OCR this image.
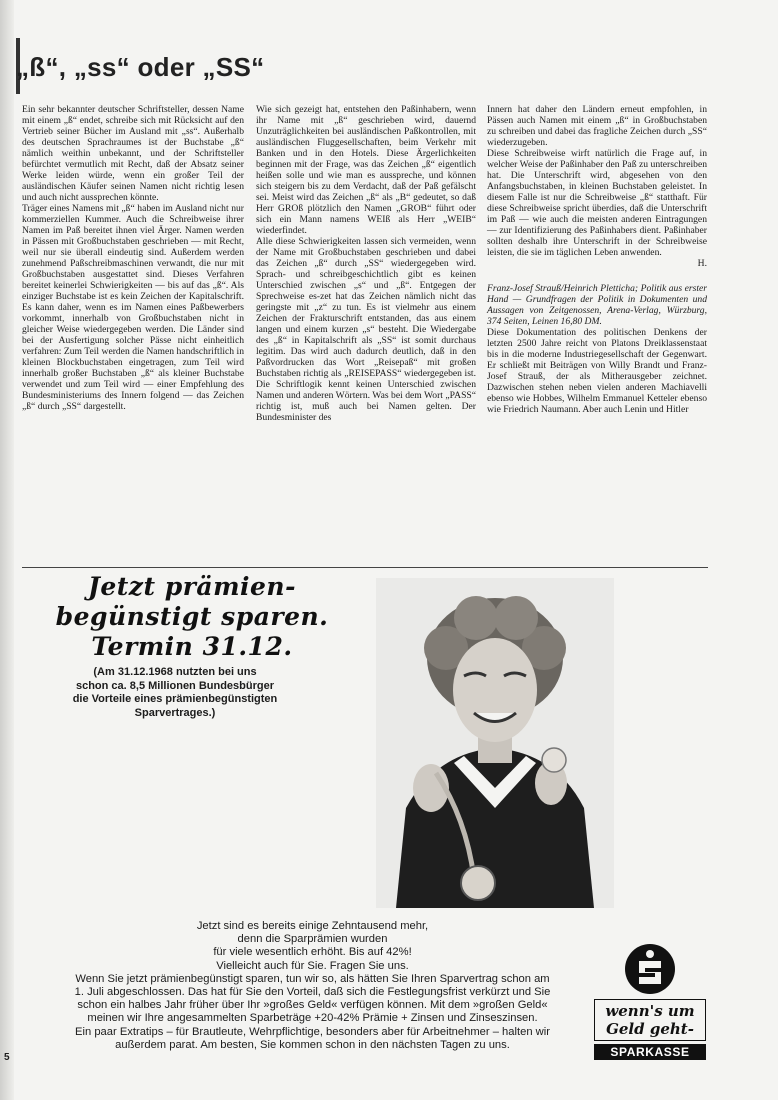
„ß“, „ss“ oder „SS“

Ein sehr bekannter deutscher Schriftsteller, dessen Name mit einem „ß“ endet, schreibe sich mit Rücksicht auf den Vertrieb seiner Bücher im Ausland mit „ss“. Außerhalb des deutschen Sprachraumes ist der Buchstabe „ß“ nämlich weithin unbekannt, und der Schriftsteller befürchtet vermutlich mit Recht, daß der Absatz seiner Werke leiden würde, wenn ein großer Teil der ausländischen Käufer seinen Namen nicht richtig lesen und auch nicht aussprechen könnte.

Träger eines Namens mit „ß“ haben im Ausland nicht nur kommerziellen Kummer. Auch die Schreibweise ihrer Namen im Paß bereitet ihnen viel Ärger. Namen werden in Pässen mit Großbuchstaben geschrieben — mit Recht, weil nur sie überall eindeutig sind. Außerdem werden zunehmend Paßschreibmaschinen verwandt, die nur mit Großbuchstaben ausgestattet sind. Dieses Verfahren bereitet keinerlei Schwierigkeiten — bis auf das „ß“. Als einziger Buchstabe ist es kein Zeichen der Kapitalschrift. Es kann daher, wenn es im Namen eines Paßbewerbers vorkommt, innerhalb von Großbuchstaben nicht in gleicher Weise wiedergegeben werden. Die Länder sind bei der Ausfertigung solcher Pässe nicht einheitlich verfahren: Zum Teil werden die Namen handschriftlich in kleinen Blockbuchstaben eingetragen, zum Teil wird innerhalb großer Buchstaben „ß“ als kleiner Buchstabe verwendet und zum Teil wird — einer Empfehlung des Bundesministeriums des Innern folgend — das Zeichen „ß“ durch „SS“ dargestellt.

Wie sich gezeigt hat, entstehen den Paßinhabern, wenn ihr Name mit „ß“ geschrieben wird, dauernd Unzuträglichkeiten bei ausländischen Paßkontrollen, mit ausländischen Fluggesellschaften, beim Verkehr mit Banken und in den Hotels. Diese Ärgerlichkeiten beginnen mit der Frage, was das Zeichen „ß“ eigentlich heißen solle und wie man es ausspreche, und können sich steigern bis zu dem Verdacht, daß der Paß gefälscht sei. Meist wird das Zeichen „ß“ als „B“ gedeutet, so daß Herr GROß plötzlich den Namen „GROB“ führt oder sich ein Mann namens WEIß als Herr „WEIB“ wiederfindet.

Alle diese Schwierigkeiten lassen sich vermeiden, wenn der Name mit Großbuchstaben geschrieben und dabei das Zeichen „ß“ durch „SS“ wiedergegeben wird. Sprach- und schreibgeschichtlich gibt es keinen Unterschied zwischen „s“ und „ß“. Entgegen der Sprechweise es-zet hat das Zeichen nämlich nicht das geringste mit „z“ zu tun. Es ist vielmehr aus einem Zeichen der Frakturschrift entstanden, das aus einem langen und einem kurzen „s“ besteht. Die Wiedergabe des „ß“ in Kapitalschrift als „SS“ ist somit durchaus legitim. Das wird auch dadurch deutlich, daß in den Paßvordrucken das Wort „Reisepaß“ mit großen Buchstaben richtig als „REISEPASS“ wiedergegeben ist. Die Schriftlogik kennt keinen Unterschied zwischen Namen und anderen Wörtern. Was bei dem Wort „PASS“ richtig ist, muß auch bei Namen gelten. Der Bundesminister des

Innern hat daher den Ländern erneut empfohlen, in Pässen auch Namen mit einem „ß“ in Großbuchstaben zu schreiben und dabei das fragliche Zeichen durch „SS“ wiederzugeben.

Diese Schreibweise wirft natürlich die Frage auf, in welcher Weise der Paßinhaber den Paß zu unterschreiben hat. Die Unterschrift wird, abgesehen von den Anfangsbuchstaben, in kleinen Buchstaben geleistet. In diesem Falle ist nur die Schreibweise „ß“ statthaft. Für diese Schreibweise spricht überdies, daß die Unterschrift im Paß — wie auch die meisten anderen Eintragungen — zur Identifizierung des Paßinhabers dient. Paßinhaber sollten deshalb ihre Unterschrift in der Schreibweise leisten, die sie im täglichen Leben anwenden.

H.

Franz-Josef Strauß/Heinrich Pletticha; Politik aus erster Hand — Grundfragen der Politik in Dokumenten und Aussagen von Zeitgenossen, Arena-Verlag, Würzburg, 374 Seiten, Leinen 16,80 DM.

Diese Dokumentation des politischen Denkens der letzten 2500 Jahre reicht von Platons Dreiklassenstaat bis in die moderne Industriegesellschaft der Gegenwart. Er schließt mit Beiträgen von Willy Brandt und Franz-Josef Strauß, der als Mitherausgeber zeichnet. Dazwischen stehen neben vielen anderen Machiavelli ebenso wie Hobbes, Wilhelm Emmanuel Ketteler ebenso wie Friedrich Naumann. Aber auch Lenin und Hitler

Jetzt prämien-
begünstigt sparen.
Termin 31.12.
(Am 31.12.1968 nutzten bei uns
schon ca. 8,5 Millionen Bundesbürger
die Vorteile eines prämienbegünstigten
Sparvertrages.)
Jetzt sind es bereits einige Zehntausend mehr,
denn die Sparprämien wurden
für viele wesentlich erhöht. Bis auf 42%!
Vielleicht auch für Sie. Fragen Sie uns.
Wenn Sie jetzt prämienbegünstigt sparen, tun wir so, als hätten Sie Ihren Sparvertrag schon am
1. Juli abgeschlossen. Das hat für Sie den Vorteil, daß sich die Festlegungsfrist verkürzt und Sie
schon ein halbes Jahr früher über Ihr »großes Geld« verfügen können. Mit dem »großen Geld«
meinen wir Ihre angesammelten Sparbeträge +20-42% Prämie + Zinsen und Zinseszinsen.
Ein paar Extratips – für Brautleute, Wehrpflichtige, besonders aber für Arbeitnehmer – halten wir
außerdem parat. Am besten, Sie kommen schon in den nächsten Tagen zu uns.
wenn's um
Geld geht-
SPARKASSE
5
